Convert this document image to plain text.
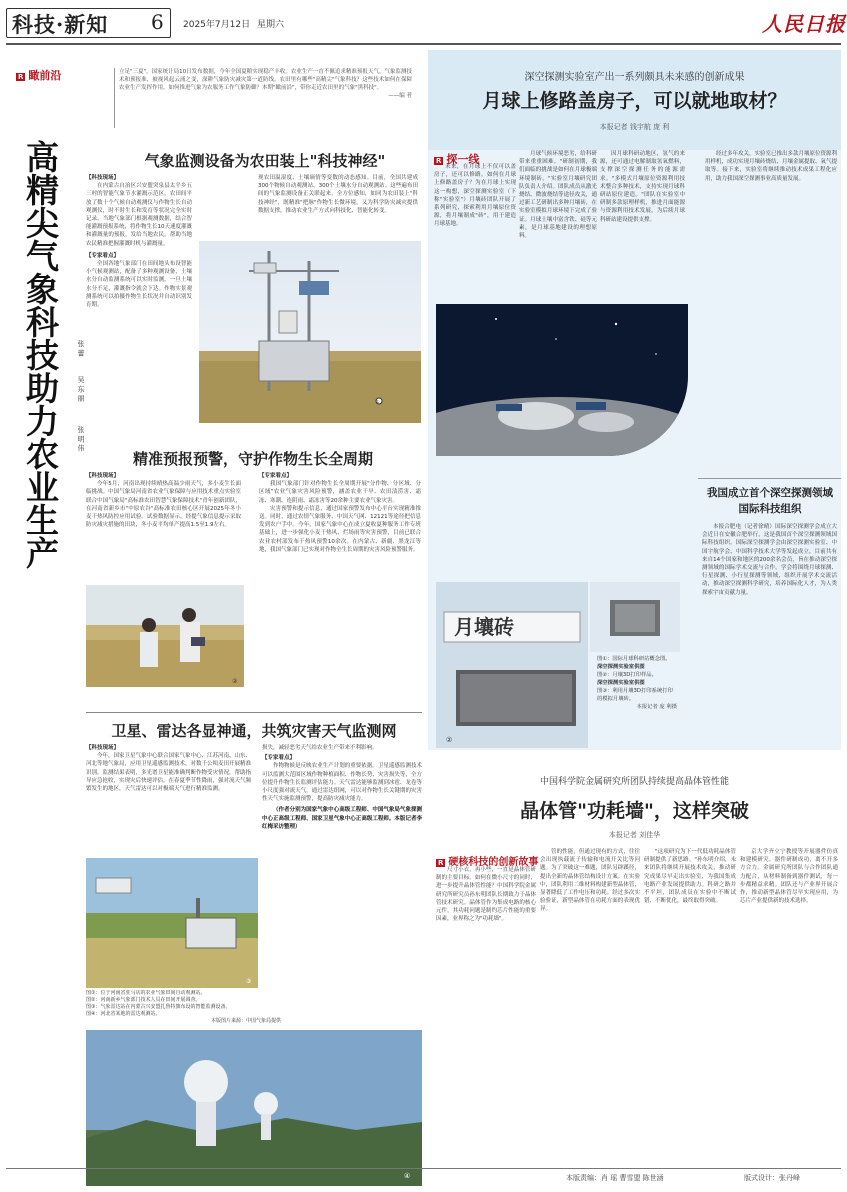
科技·新知 6 2025年7月12日 星期六	人民日报
R 瞰前沿
高精尖气象科技助力农业生产 张 蕾
吴 东 丽
张 明 伟
立足"三夏"，国家统计局10日发布数据，今年全国夏粮实现稳产丰收。农业生产一直不佩追求精准预报天气，气象监测技术和预报准，被视风起云涌之变，深耕气象防灾减灾第一道防线。农田里有哪些"高精尖"气象科技？这些技术如何在保障农业生产发挥作用，如何推进气象为农服务工作气象防御？本期"瞰前沿"，带你走近农田里的气象"黑科技"。
——编 者
气象监测设备为农田装上"科技神经"
【科技现场】

在内蒙古自治区兴安盟突泉县太平乡五三村的智能气象节水灌溉示范区，农田间平放了数十个气候自动观测仪与作物生长自动观测仪，时不时生长和发育等状况完全实时记录。当地气象部门根据观测数据，结合智能灌溉预报系统，将作物生长10天速度灌溉和灌溉量的预报，发给当地农民，帮助当地农民精准把握灌溉时机与灌溉量。

【专家看点】

全国各地气象部门在田间地头布设智能小气候观测站，配备了多种观测设备，土壤水分自动监测系统可以实时监测，一旦土壤水分不足，灌溉指令就会下达。作物实景观测系统可以拍摄作物生长状况并自动识别发育期。

现农田温湿度、土壤墒情等变数的动态感知。目前，全国共建成300个物候自动观测站、300个土壤水分自动观测站。这些遍布田间的气象监测设备正关联起来，全方位感知，如同为农田装上"科技神经"，既精准"把脉"作物生长微环境，又为科学防灾减灾提供数据支撑，推动农业生产方式向科技化、智能化转变。

①
精准预报预警，守护作物生长全周期
【科技现场】

今年5月，河南出现持续晴热高温少雨天气，多小麦生长面临挑战。中国气象局河南省农业气象保障与应用技术重点实验室联合中国气象局"高标准农田智慧气象保障技术"青年创新团队，在河南省新乡市"中原农谷"高标准农田核心区开展2025年冬小麦干热风防控应用试验。试验数据显示，经提气象信息提示采取防灾减灾措施的田块，冬小麦平均单产提高1.5至1.9左右。

【专家看点】

我国气象部门针对作物生长全周期开展"分作物、分区域、分区域"农业气象灾害风险预警，涵盖农业干旱、农田渍涝害、霜冻、寒潮、连阴雨、霜冻害等20余种主要农业气象灾害。

灾害预警和提示信息，通过国家预警发布中心平台实现精准推送。同时，通过农情气象服务、中国天气网、12121等途径把信息发到农户手中。今年，国家气象中心在成立夏收夏种服务工作专班基础上，进一步强化小麦干热风、烂场雨等灾害预警，目前已联合农业农村部发布干热风预警10余次。在内蒙古、新疆、黑龙江等地，我国气象部门已实现对作物全生长周期的灾害风险预警服务。

②
卫星、雷达各显神通，共筑灾害天气监测网
【科技现场】

今年，国家卫星气象中心联合国家气象中心、江苏河南、山东、河北等地气象局，应用卫星遥感监测技术，对数千公顷麦田开展精准识别。监测结果表明，多光谱卫星能准确判断作物受灾情况，帮助指导应急抢收，实现灾后快速评估。在春夏季节性降雨，强对流天气频繁发生的地区，天气雷达可以对极端天气进行精准监测。

损失，减轻恶劣天气给农业生产带来不利影响。

【专家看点】

作物物候是反映农业生产计划的重要依据。卫星遥感监测技术可以监测大范围区域作物种植面积、作物长势、灾害损失等，全方位提升作物生长监测评估能力。天气雷达能够监测到冰雹、龙卷等小尺度强对流天气，通过雷达组网，可以对作物生长关键期的灾害性天气实施监测预警，提高防灾减灾能力。

（作者分别为国家气象中心高级工程师、中国气象局气象探测中心正高级工程师、国家卫星气象中心正高级工程师。本版记者李红梅采访整理）

③
图①：位于河南省驻马店的农业气象田间自动观测站。
图②：河南新乡气象部门技术人员在田间开展调查。
图③：气象雷达站在内蒙古兴安盟扎鲁特旗布设的智能监测设备。
图④：河北省某地的雷达观测站。
本版图片来源：中国气象局提供
④
深空探测实验室产出一系列颇具未来感的创新成果
月球上修路盖房子，可以就地取材？
本报记者 钱宇航 庞 利
R 探一线

未来，在月球上不仅可以盖房子，还可以修路。如何在月球上修路盖房子？为在月球上实现这一构想，深空探测实验室（下称"实验室"）月壤砖团队开展了系列研究，探索利用月壤原位资源，将月壤制成"砖"，用于建造月球基地。

月球气候环境恶劣，给科研带来重重困难。"研制初期，我们面临的挑战是如何在月球极端环境制砖。"实验室月壤研究团队负责人介绍。团队成员从激光烧结、微波烧结等途径攻关，通过新工艺研制出多种月壤砖，在实验室模拟月球环境下完成了验证。月球土壤中富含铁、硅等元素，是月球基地建设的理想原料。

因月球科研动地区，氢气的来源，还可通过电解制取氢氧燃料，支撑深空探测任务的能源需求。"多模式月壤原位资源利用技术整合多种技术，支持实现月球科研站原位建造。"团队在实验室中研制多款原理样机，推进月面能源与资源利用技术发展，为后续月球科研站建设提供支撑。

经过多年攻关，实验室已推出多款月壤原位资源利用样机，成功实现月壤砖烧结、月壤金属提取、氧气提取等。接下来，实验室将继续推动技术成果工程化应用，助力我国深空探测事业高质量发展。

月壤砖
②
图①：国际月球科研站概念图。
深空探测实验室供图
图②：月壤3D打印样品。
深空探测实验室供图
图③：利用月壤3D打印系统打印的模拟月壤砖。
本报记者 庞 利摄
我国成立首个深空探测领域国际科技组织

本报合肥电（记者徐晴）国际深空探测学会成立大会近日在安徽合肥举行，这是我国首个深空探测领域国际科技组织。国际深空探测学会由深空探测实验室、中国宇航学会、中国科学技术大学等发起成立，目前共有来自14个国家和地区的200余名会员，旨在推动深空探测领域的国际学术交流与合作。学会将围绕月球探测、行星探测、小行星探测等领域，组织开展学术交流活动，推动深空探测科学研究，培养国际化人才，为人类探索宇宙贡献力量。

中国科学院金属研究所团队持续提高晶体管性能
晶体管"功耗墙"，这样突破
本报记者 刘佳华
R 硬核科技的创新故事

尺寸小衣，再小些，一直是晶体管研制的主要目标。如何在微小尺寸的同时，进一步提升晶体管性能？中国科学院金属研究所研究员孙东明团队长期致力于晶体管技术研究。晶体管作为集成电路的核心元件，其功耗问题是制约芯片性能的重要因素，业界称之为"功耗墙"。

管的性能，但通过现有的方式，往往会出现执载流子传输和电流开关比等问题。为了突破这一难题，团队另辟蹊径，提出全新的晶体管结构设计方案。在实验中，团队利用二维材料构建新型晶体管，显著降低了工作电压和功耗。经过多次实验验证，新型晶体管在功耗方面的表现优异。

"这项研究为下一代低功耗晶体管研制提供了新思路。"孙东明介绍，未来团队将继续开展技术攻关，推动研究成果尽早走出实验室，为我国集成电路产业发展提供助力。科研之路并不平坦，团队成员在实验中不断试错、不断优化，最终取得突破。

京大学齐立宁教授等开展器件仿真和建模研究。器件研制成功，离不开多方合力。金属研究所团队与合作团队通力配合，从材料制备到器件测试，每一步都精益求精。团队还与产业界开展合作，推动新型晶体管尽早实现应用，为芯片产业提供新的技术选择。

本版责编：肖 瑶 曹雪盟 陈世涵	版式设计：张丹峰
